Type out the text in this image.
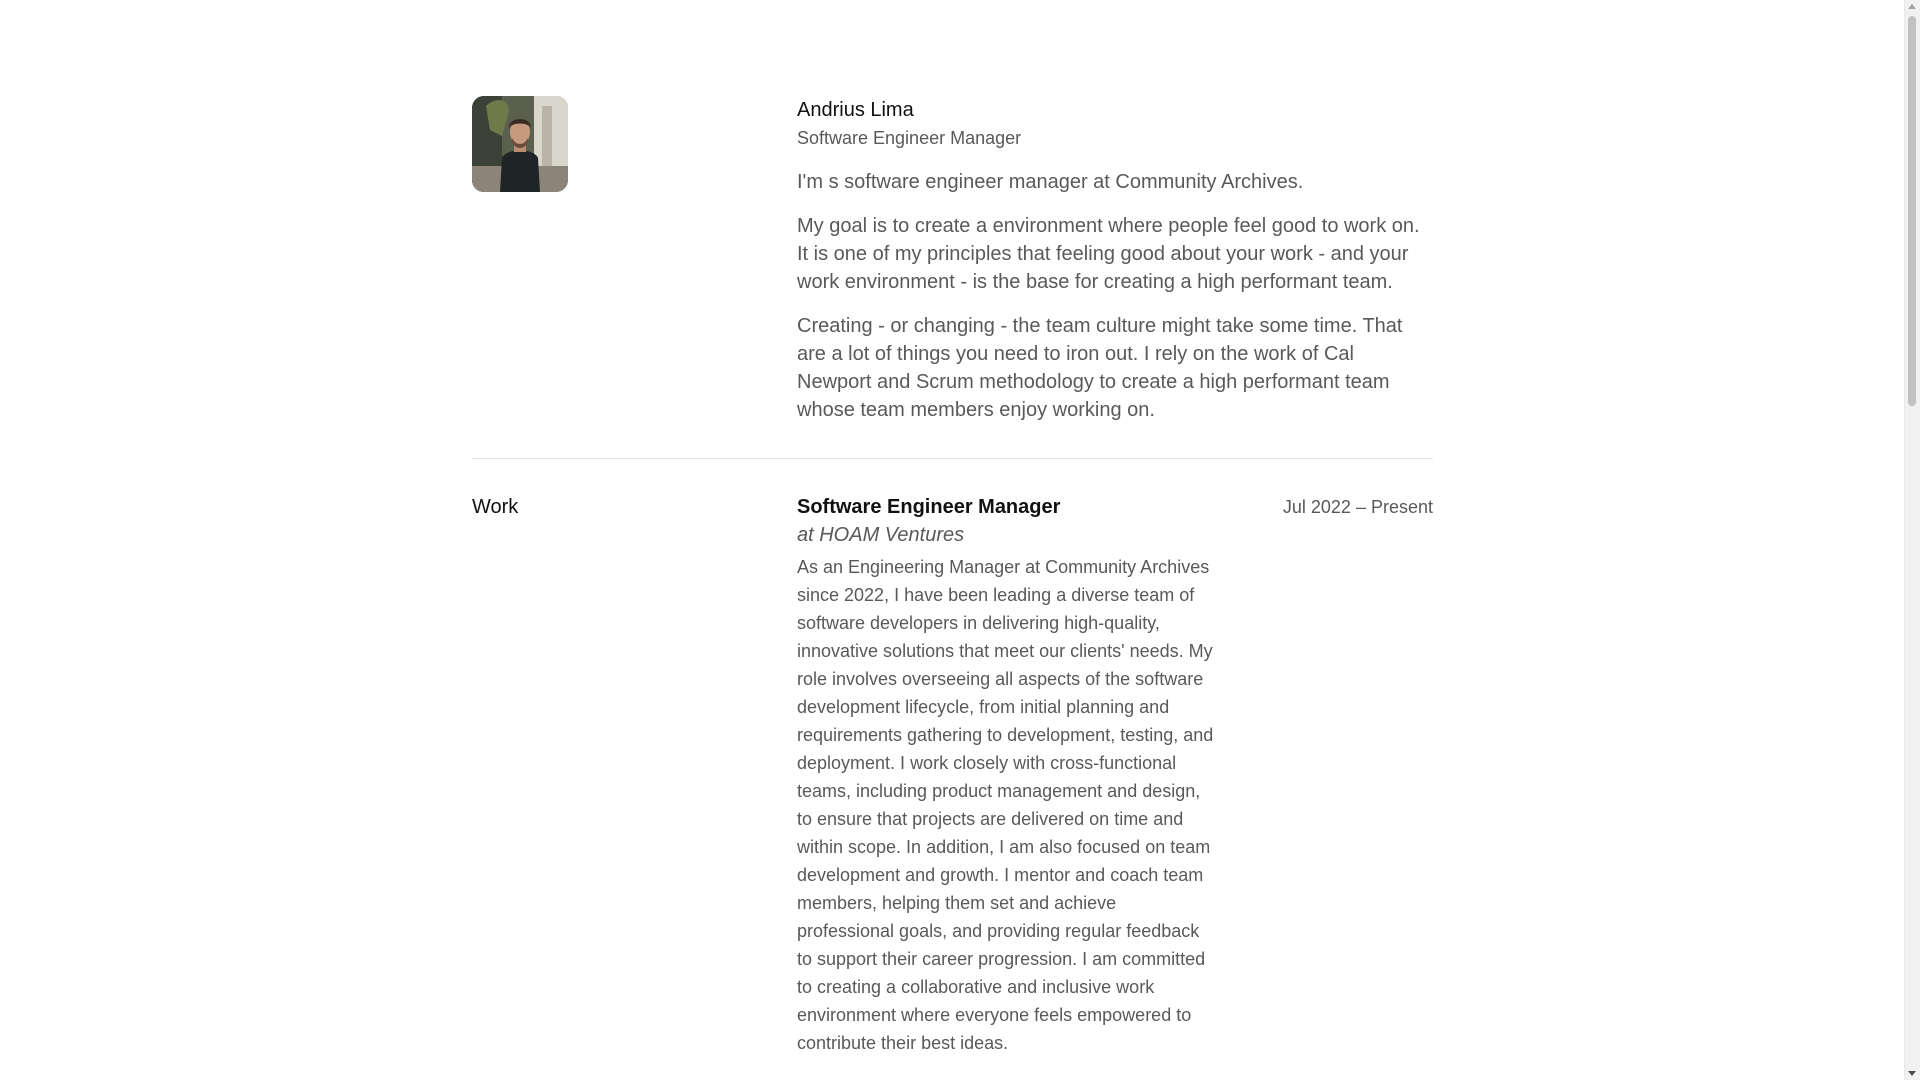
Andrius Lima
Software Engineer Manager

I'm s software engineer manager at Community Archives.

My goal is to create a environment where people feel good to work on. It is one of my principles that feeling good about your work - and your work environment - is the base for creating a high performant team.

Creating - or changing - the team culture might take some time. That are a lot of things you need to iron out. I rely on the work of Cal Newport and Scrum methodology to create a high performant team whose team members enjoy working on.

Work	Software Engineer Manager
at HOAM Ventures

As an Engineering Manager at Community Archives since 2022, I have been leading a diverse team of software developers in delivering high-quality, innovative solutions that meet our clients' needs. My role involves overseeing all aspects of the software development lifecycle, from initial planning and requirements gathering to development, testing, and deployment. I work closely with cross-functional teams, including product management and design, to ensure that projects are delivered on time and within scope. In addition, I am also focused on team development and growth. I mentor and coach team members, helping them set and achieve professional goals, and providing regular feedback to support their career progression. I am committed to creating a collaborative and inclusive work environment where everyone feels empowered to contribute their best ideas.

Jul 2022 – Present
